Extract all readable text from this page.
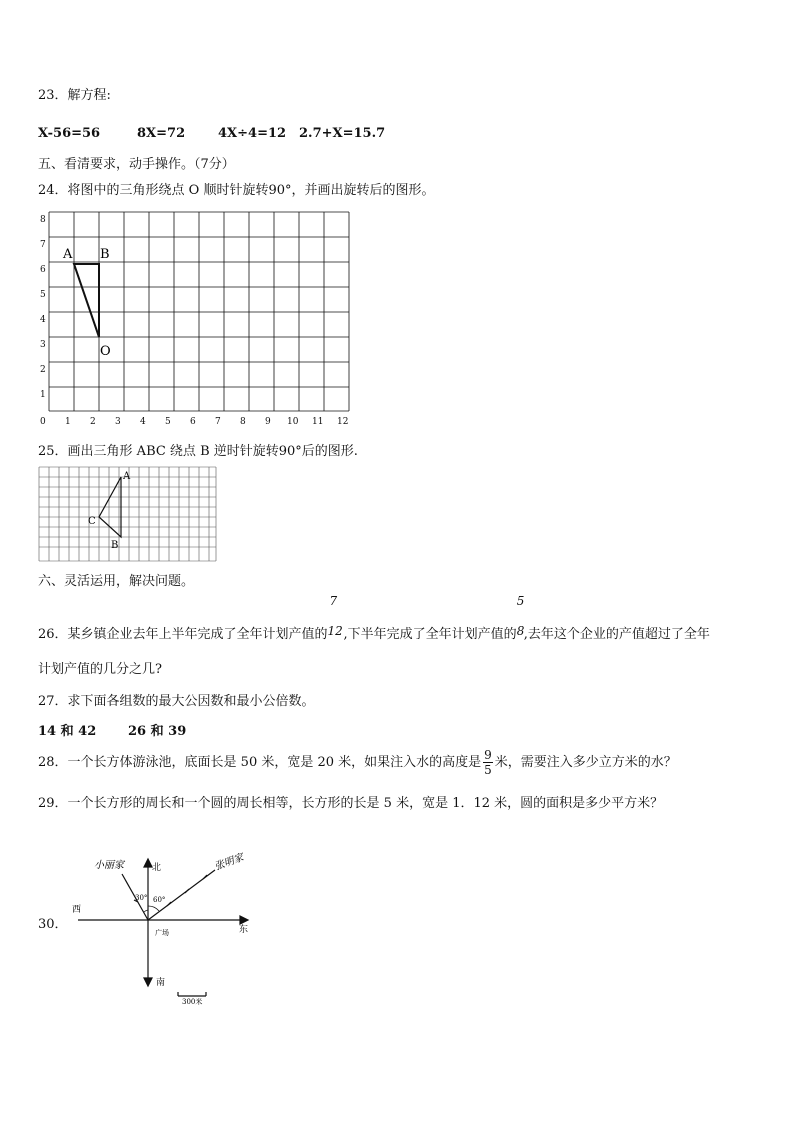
23．解方程:
X-56=56	8X=72	4X÷4=12 2.7+X=15.7
五、看清要求，动手操作。（7分）
24．将图中的三角形绕点 O 顺时针旋转90°，并画出旋转后的图形。
0 1 2 3 4 5 6 7 8 9 10 11 12
1
2
3
4
5
6
7
8
A B
O
25．画出三角形 ABC 绕点 B 逆时针旋转90°后的图形.
A
B
C
六、灵活运用，解决问题。
26．某乡镇企业去年上半年完成了全年计划产值的
7
12 ,下半年完成了全年计划产值的
5
8 ,去年这个企业的产值超过了全年
计划产值的几分之几?
27．求下面各组数的最大公因数和最小公倍数。
14 和 42 26 和 39
28．一个长方体游泳池，底面长是 50 米，宽是 20 米，如果注入水的高度是 $\frac{9}{5}$ 米，需要注入多少立方米的水？
29．一个长方形的周长和一个圆的周长相等，长方形的长是 5 米，宽是 1．12 米，圆的面积是多少平方米？
30．
西
东
北
南
广场
小丽家	张明家
30° 60°
300米
